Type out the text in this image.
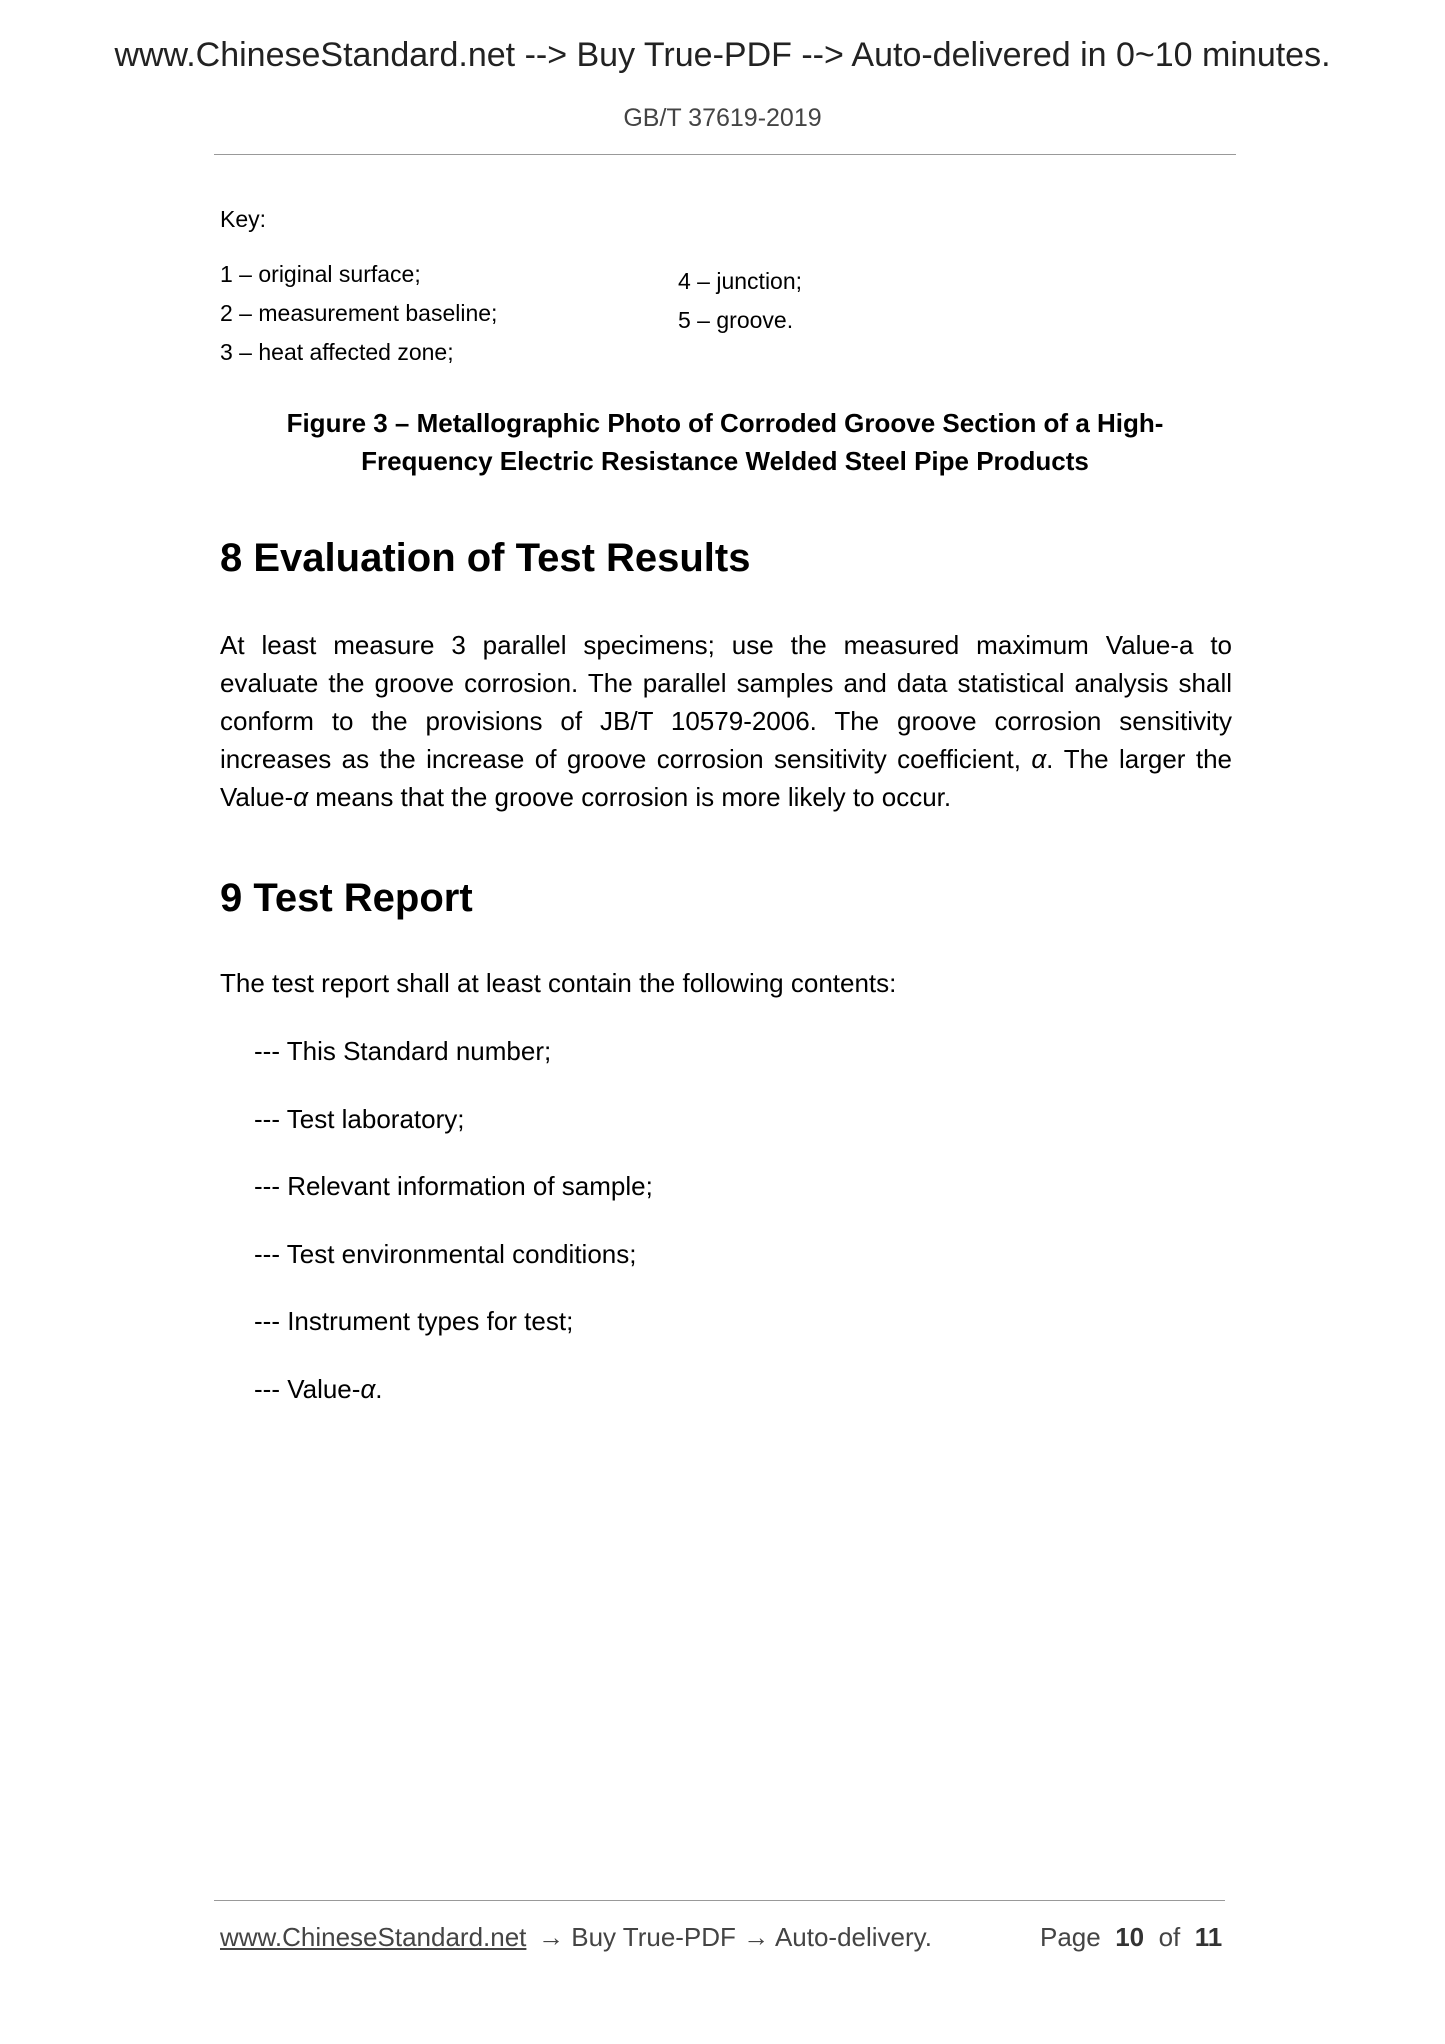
www.ChineseStandard.net --> Buy True-PDF --> Auto-delivered in 0~10 minutes.
GB/T 37619-2019
Key:
1 – original surface;
2 – measurement baseline;
3 – heat affected zone;
4 – junction;
5 – groove.
Figure 3 – Metallographic Photo of Corroded Groove Section of a High-
Frequency Electric Resistance Welded Steel Pipe Products
8 Evaluation of Test Results
At least measure 3 parallel specimens; use the measured maximum Value-a to
evaluate the groove corrosion. The parallel samples and data statistical analysis shall
conform to the provisions of JB/T 10579-2006. The groove corrosion sensitivity
increases as the increase of groove corrosion sensitivity coefficient, α. The larger the
Value-α means that the groove corrosion is more likely to occur.
9 Test Report
The test report shall at least contain the following contents:
--- This Standard number;
--- Test laboratory;
--- Relevant information of sample;
--- Test environmental conditions;
--- Instrument types for test;
--- Value-α.
www.ChineseStandard.net → Buy True-PDF → Auto-delivery.	Page 10 of 11
